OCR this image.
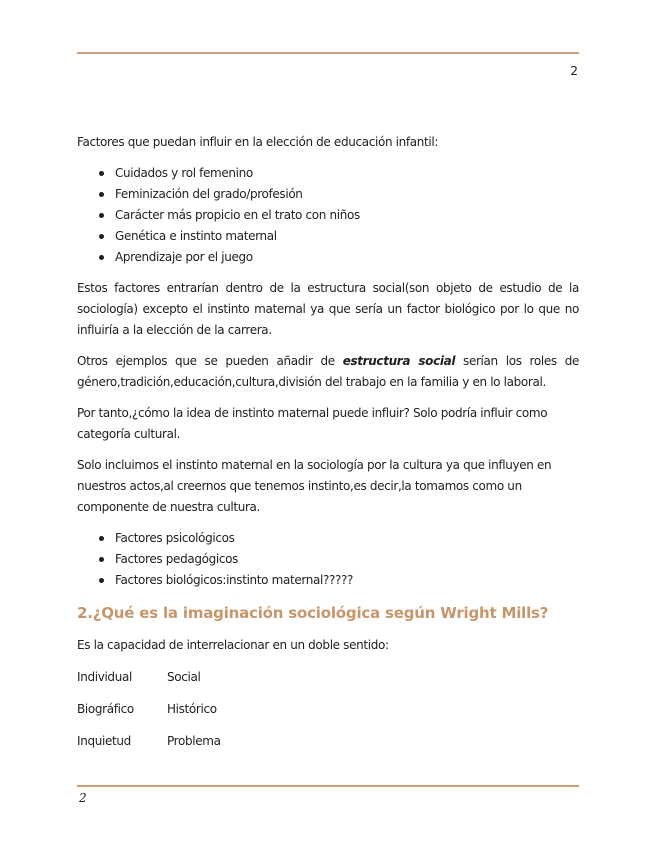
2

Factores que puedan influir en la elección de educación infantil:

Cuidados y rol femenino
Feminización del grado/profesión
Carácter más propicio en el trato con niños
Genética e instinto maternal
Aprendizaje por el juego

Estos factores entrarían dentro de la estructura social(son objeto de estudio de la sociología) excepto el instinto maternal ya que sería un factor biológico por lo que no influiría a la elección de la carrera.

Otros ejemplos que se pueden añadir de estructura social serían los roles de género,tradición,educación,cultura,división del trabajo en la familia y en lo laboral.

Por tanto,¿cómo la idea de instinto maternal puede influir? Solo podría influir como categoría cultural.

Solo incluimos el instinto maternal en la sociología por la cultura ya que influyen en nuestros actos,al creernos que tenemos instinto,es decir,la tomamos como un componente de nuestra cultura.

Factores psicológicos
Factores pedagógicos
Factores biológicos:instinto maternal?????
2.¿Qué es la imaginación sociológica según Wright Mills?

Es la capacidad de interrelacionar en un doble sentido:

Individual	Social
Biográfico	Histórico
Inquietud	Problema
2
